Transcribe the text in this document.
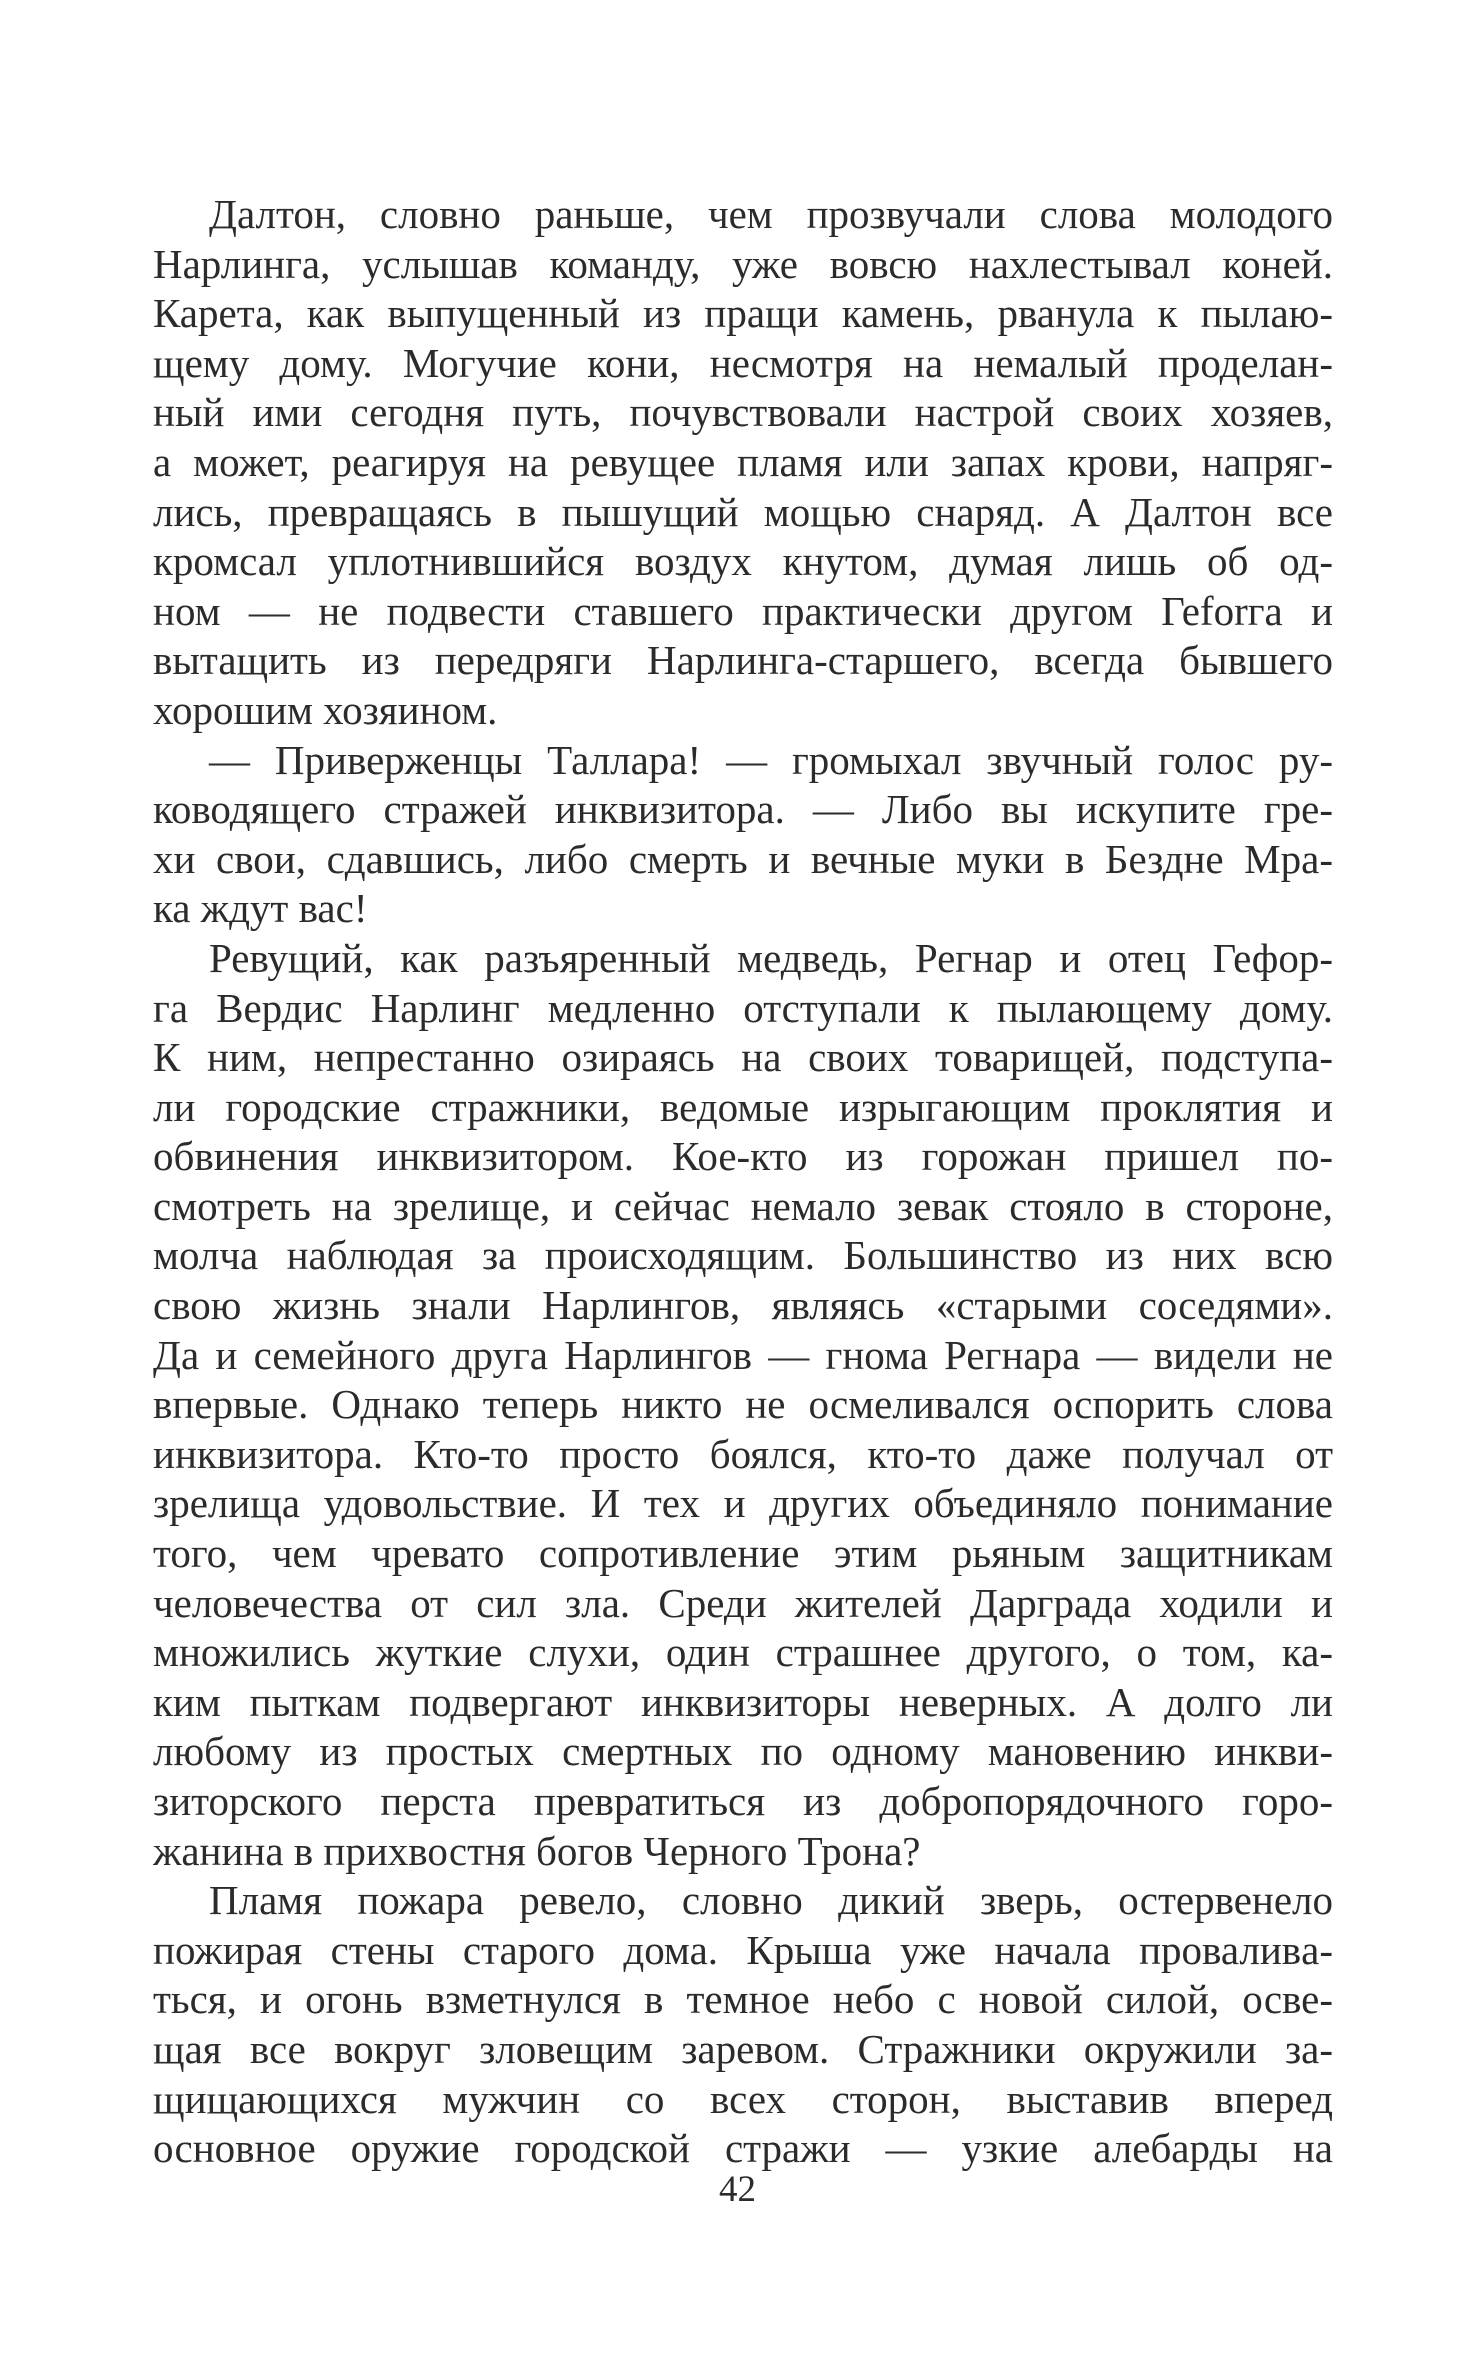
Далтон, словно раньше, чем прозвучали слова молодого
Нарлинга, услышав команду, уже вовсю нахлестывал коней.
Карета, как выпущенный из пращи камень, рванула к пылаю-
щему дому. Могучие кони, несмотря на немалый проделан-
ный ими сегодня путь, почувствовали настрой своих хозяев,
а может, реагируя на ревущее пламя или запах крови, напряг-
лись, превращаясь в пышущий мощью снаряд. А Далтон все
кромсал уплотнившийся воздух кнутом, думая лишь об од-
ном — не подвести ставшего практически другом Геforга и
вытащить из передряги Нарлинга-старшего, всегда бывшего
хорошим хозяином.
— Приверженцы Таллара! — громыхал звучный голос ру-
ководящего стражей инквизитора. — Либо вы искупите гре-
хи свои, сдавшись, либо смерть и вечные муки в Бездне Мра-
ка ждут вас!
Ревущий, как разъяренный медведь, Регнар и отец Гефор-
га Вердис Нарлинг медленно отступали к пылающему дому.
К ним, непрестанно озираясь на своих товарищей, подступа-
ли городские стражники, ведомые изрыгающим проклятия и
обвинения инквизитором. Кое-кто из горожан пришел по-
смотреть на зрелище, и сейчас немало зевак стояло в стороне,
молча наблюдая за происходящим. Большинство из них всю
свою жизнь знали Нарлингов, являясь «старыми соседями».
Да и семейного друга Нарлингов — гнома Регнара — видели не
впервые. Однако теперь никто не осмеливался оспорить слова
инквизитора. Кто-то просто боялся, кто-то даже получал от
зрелища удовольствие. И тех и других объединяло понимание
того, чем чревато сопротивление этим рьяным защитникам
человечества от сил зла. Среди жителей Дарграда ходили и
множились жуткие слухи, один страшнее другого, о том, ка-
ким пыткам подвергают инквизиторы неверных. А долго ли
любому из простых смертных по одному мановению инкви-
зиторского перста превратиться из добропорядочного горо-
жанина в прихвостня богов Черного Трона?
Пламя пожара ревело, словно дикий зверь, остервенело
пожирая стены старого дома. Крыша уже начала проваливa-
ться, и огонь взметнулся в темное небо с новой силой, осве-
щая все вокруг зловещим заревом. Стражники окружили за-
щищающихся мужчин со всех сторон, выставив вперед
основное оружие городской стражи — узкие алебарды на
42
